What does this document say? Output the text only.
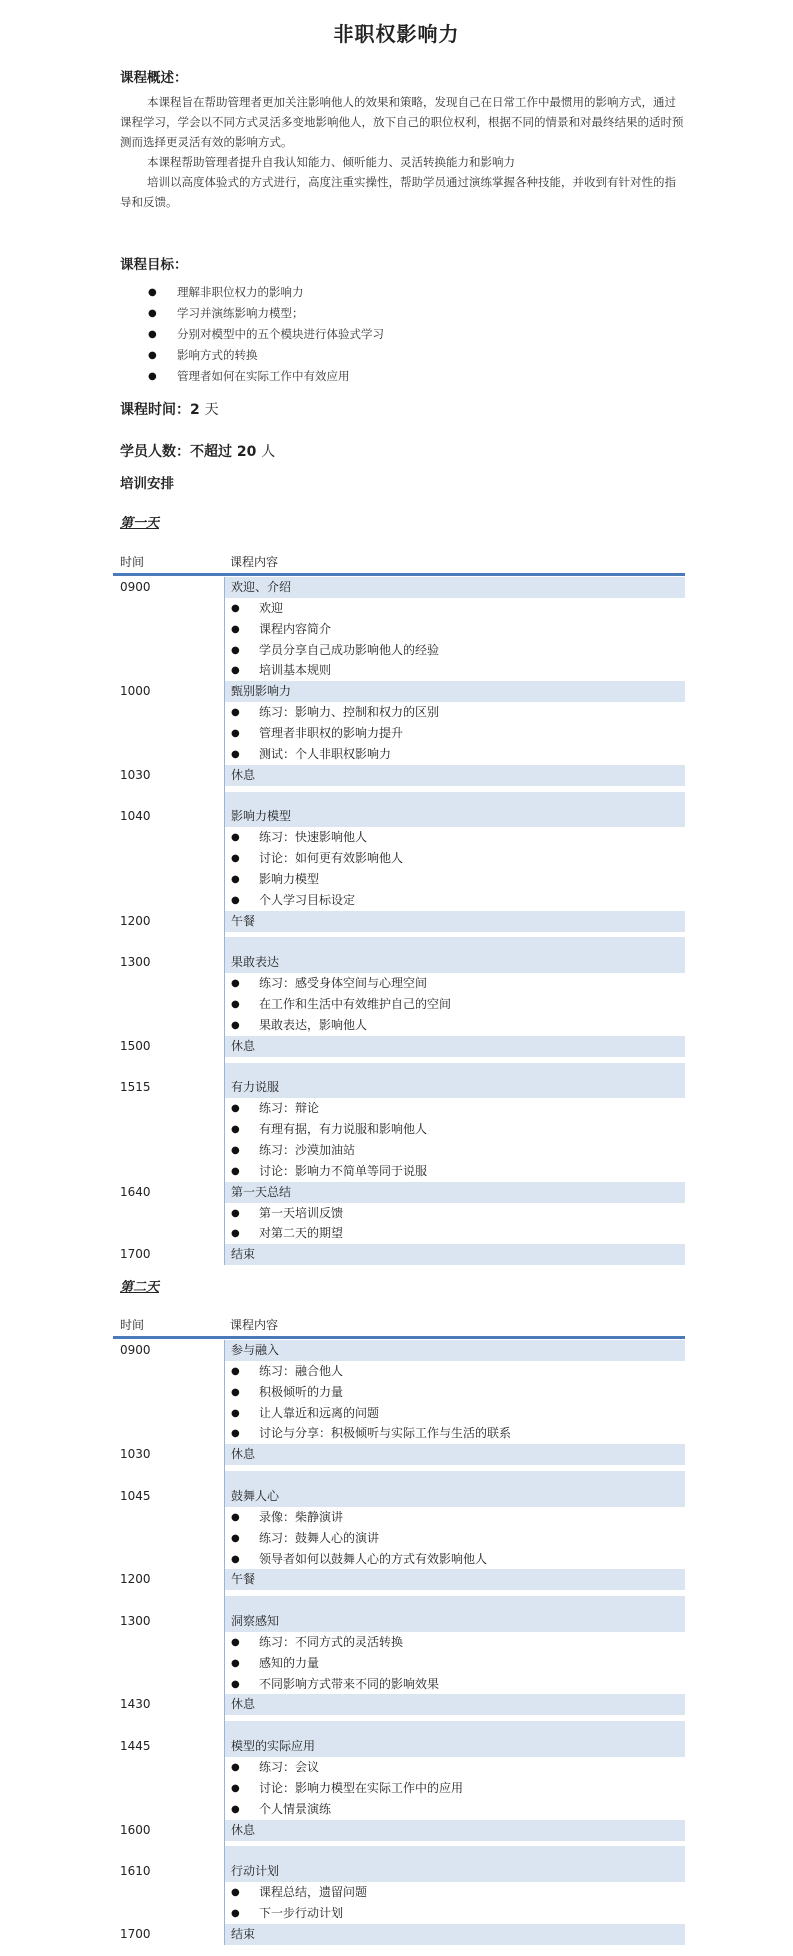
非职权影响力
课程概述：

本课程旨在帮助管理者更加关注影响他人的效果和策略，发现自己在日常工作中最惯用的影响方式，通过课程学习，学会以不同方式灵活多变地影响他人，放下自己的职位权利，根据不同的情景和对最终结果的适时预测而选择更灵活有效的影响方式。

本课程帮助管理者提升自我认知能力、倾听能力、灵活转换能力和影响力

培训以高度体验式的方式进行，高度注重实操性，帮助学员通过演练掌握各种技能，并收到有针对性的指导和反馈。

课程目标：
● 理解非职位权力的影响力
● 学习并演练影响力模型；
● 分别对模型中的五个模块进行体验式学习
● 影响方式的转换
● 管理者如何在实际工作中有效应用
课程时间：2 天
学员人数：不超过 20 人
培训安排
第一天
时间	课程内容
0900	欢迎、介绍
● 欢迎
● 课程内容简介
● 学员分享自己成功影响他人的经验
● 培训基本规则
1000	甄别影响力
● 练习：影响力、控制和权力的区别
● 管理者非职权的影响力提升
● 测试：个人非职权影响力
1030	休息
1040	影响力模型
● 练习：快速影响他人
● 讨论：如何更有效影响他人
● 影响力模型
● 个人学习目标设定
1200	午餐
1300	果敢表达
● 练习：感受身体空间与心理空间
● 在工作和生活中有效维护自己的空间
● 果敢表达，影响他人
1500	休息
1515	有力说服
● 练习：辩论
● 有理有据，有力说服和影响他人
● 练习：沙漠加油站
● 讨论：影响力不简单等同于说服
1640	第一天总结
● 第一天培训反馈
● 对第二天的期望
1700	结束
第二天
时间	课程内容
0900	参与融入
● 练习：融合他人
● 积极倾听的力量
● 让人靠近和远离的问题
● 讨论与分享：积极倾听与实际工作与生活的联系
1030	休息
1045	鼓舞人心
● 录像：柴静演讲
● 练习：鼓舞人心的演讲
● 领导者如何以鼓舞人心的方式有效影响他人
1200	午餐
1300	洞察感知
● 练习：不同方式的灵活转换
● 感知的力量
● 不同影响方式带来不同的影响效果
1430	休息
1445	模型的实际应用
● 练习：会议
● 讨论：影响力模型在实际工作中的应用
● 个人情景演练
1600	休息
1610	行动计划
● 课程总结，遗留问题
● 下一步行动计划
1700	结束
